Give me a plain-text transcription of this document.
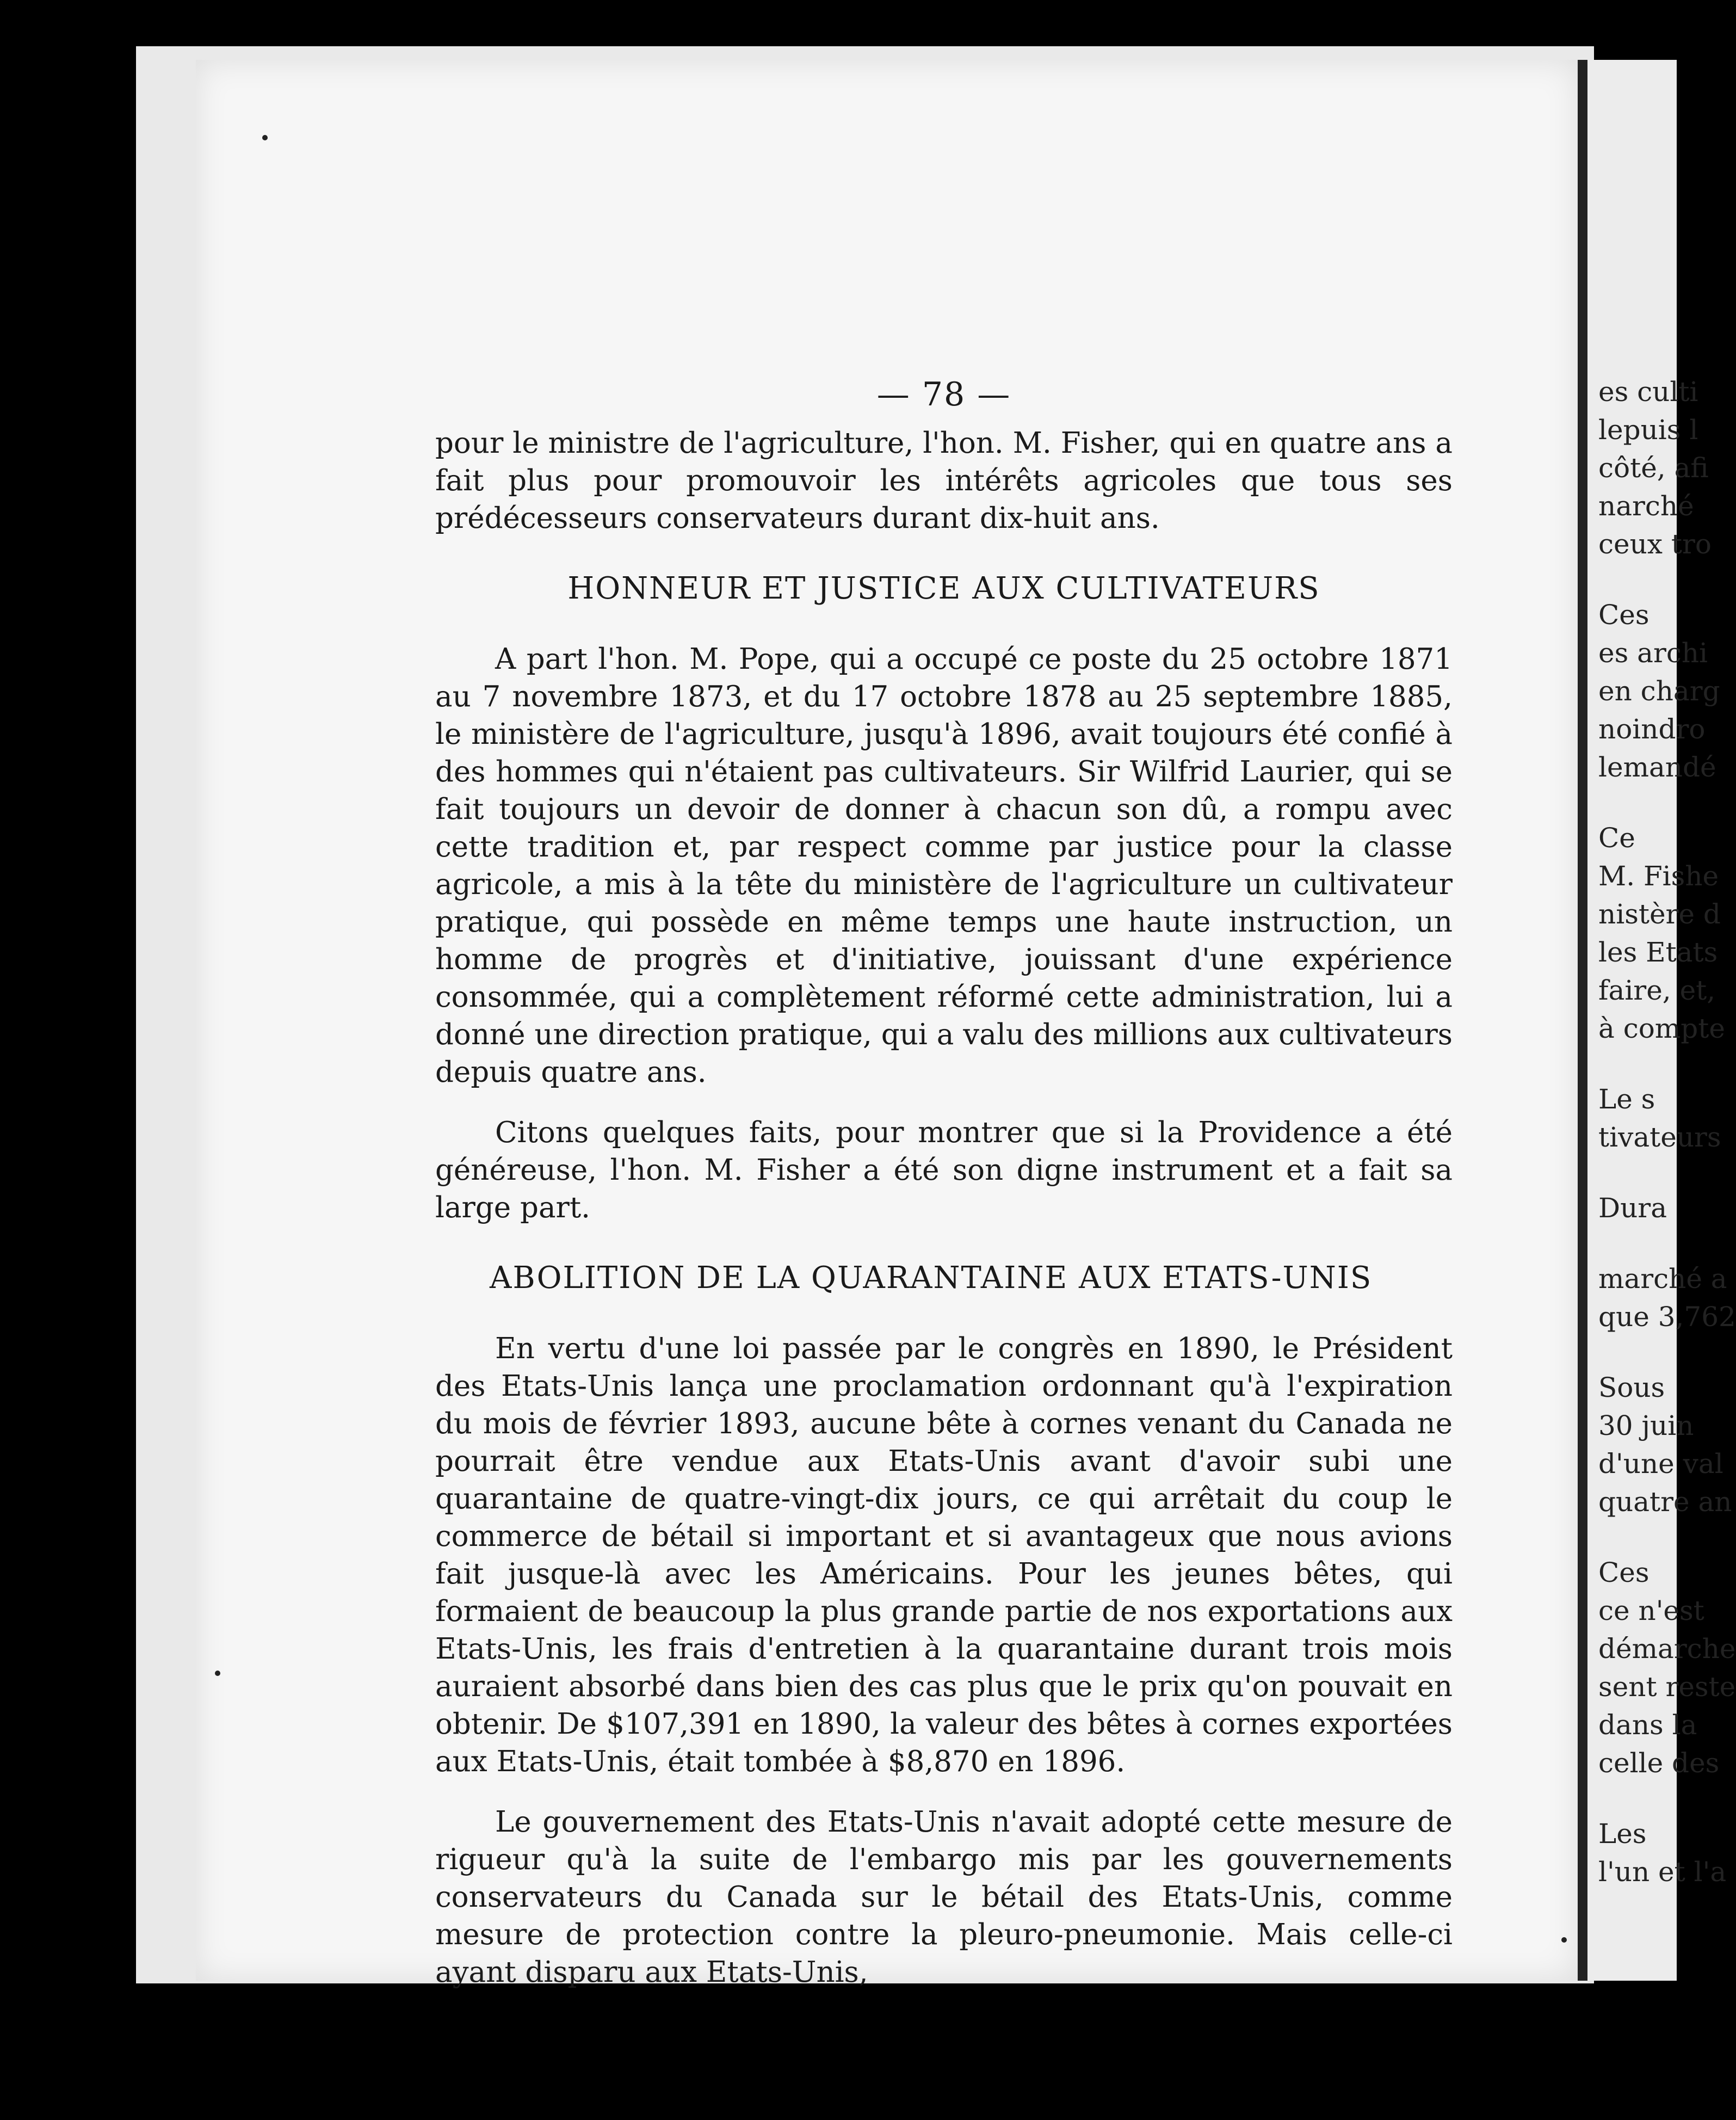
— 78 —

pour le ministre de l'agriculture, l'hon. M. Fisher, qui en quatre ans a fait plus pour promouvoir les intérêts agricoles que tous ses prédécesseurs conservateurs durant dix-huit ans.

HONNEUR ET JUSTICE AUX CULTIVATEURS

A part l'hon. M. Pope, qui a occupé ce poste du 25 octobre 1871 au 7 novembre 1873, et du 17 octobre 1878 au 25 septembre 1885, le ministère de l'agriculture, jusqu'à 1896, avait toujours été confié à des hommes qui n'étaient pas cultivateurs. Sir Wilfrid Laurier, qui se fait toujours un devoir de donner à chacun son dû, a rompu avec cette tradition et, par respect comme par justice pour la classe agricole, a mis à la tête du ministère de l'agriculture un cultivateur pratique, qui possède en même temps une haute instruction, un homme de progrès et d'initiative, jouissant d'une expérience consommée, qui a complètement réformé cette administration, lui a donné une direction pratique, qui a valu des millions aux cultivateurs depuis quatre ans.

Citons quelques faits, pour montrer que si la Providence a été généreuse, l'hon. M. Fisher a été son digne instrument et a fait sa large part.

ABOLITION DE LA QUARANTAINE AUX ETATS-UNIS

En vertu d'une loi passée par le congrès en 1890, le Président des Etats-Unis lança une proclamation ordonnant qu'à l'expiration du mois de février 1893, aucune bête à cornes venant du Canada ne pourrait être vendue aux Etats-Unis avant d'avoir subi une quarantaine de quatre-vingt-dix jours, ce qui arrêtait du coup le commerce de bétail si important et si avantageux que nous avions fait jusque-là avec les Américains. Pour les jeunes bêtes, qui formaient de beaucoup la plus grande partie de nos exportations aux Etats-Unis, les frais d'entretien à la quarantaine durant trois mois auraient absorbé dans bien des cas plus que le prix qu'on pouvait en obtenir. De $107,391 en 1890, la valeur des bêtes à cornes exportées aux Etats-Unis, était tombée à $8,870 en 1896.

Le gouvernement des Etats-Unis n'avait adopté cette mesure de rigueur qu'à la suite de l'embargo mis par les gouvernements conservateurs du Canada sur le bétail des Etats-Unis, comme mesure de protection contre la pleuro-pneumonie. Mais celle-ci ayant disparu aux Etats-Unis,

es culti
lepuis l
côté, afi
narché
ceux tro
Ces
es archi
en charg
noindro
lemandé
Ce
M. Fishe
nistère d
les Etats
faire, et,
à compte
Le s
tivateurs
Dura
marché a
que 3,762
Sous
30 juin
d'une val
quatre an
Ces
ce n'est
démarche
sent reste
dans la
celle des
Les
l'un et l'a
